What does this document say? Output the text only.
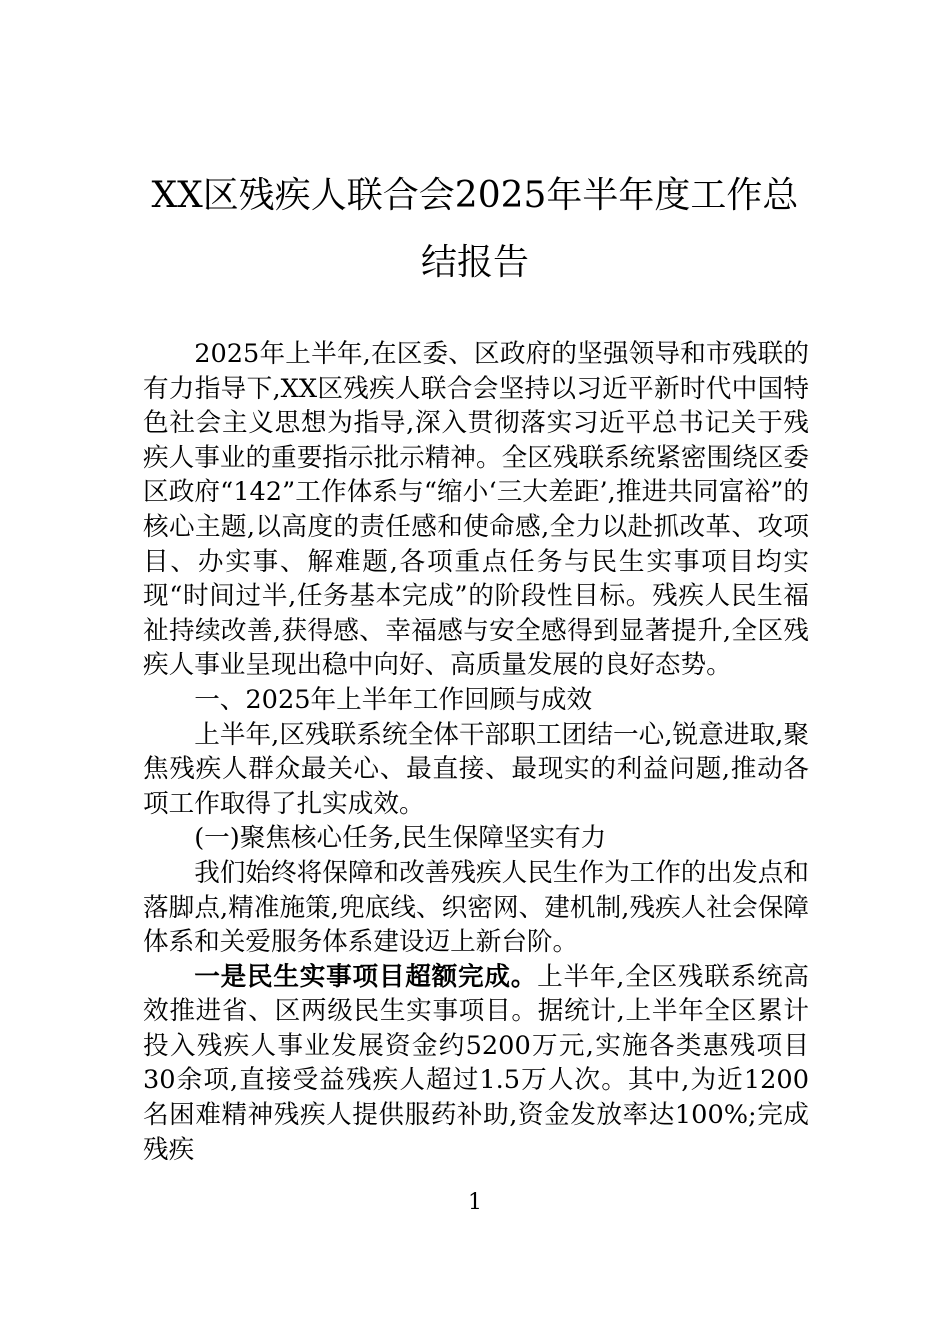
XX区残疾人联合会2025年半年度工作总
结报告

2025年上半年,在区委、区政府的坚强领导和市残联的有力指导下,XX区残疾人联合会坚持以习近平新时代中国特色社会主义思想为指导,深入贯彻落实习近平总书记关于残疾人事业的重要指示批示精神。全区残联系统紧密围绕区委区政府“142”工作体系与“缩小‘三大差距’,推进共同富裕”的核心主题,以高度的责任感和使命感,全力以赴抓改革、攻项目、办实事、解难题,各项重点任务与民生实事项目均实现“时间过半,任务基本完成”的阶段性目标。残疾人民生福祉持续改善,获得感、幸福感与安全感得到显著提升,全区残疾人事业呈现出稳中向好、高质量发展的良好态势。

一、2025年上半年工作回顾与成效

上半年,区残联系统全体干部职工团结一心,锐意进取,聚焦残疾人群众最关心、最直接、最现实的利益问题,推动各项工作取得了扎实成效。

(一)聚焦核心任务,民生保障坚实有力

我们始终将保障和改善残疾人民生作为工作的出发点和落脚点,精准施策,兜底线、织密网、建机制,残疾人社会保障体系和关爱服务体系建设迈上新台阶。

一是民生实事项目超额完成。上半年,全区残联系统高效推进省、区两级民生实事项目。据统计,上半年全区累计投入残疾人事业发展资金约5200万元,实施各类惠残项目30余项,直接受益残疾人超过1.5万人次。其中,为近1200名困难精神残疾人提供服药补助,资金发放率达100%;完成残疾

1
